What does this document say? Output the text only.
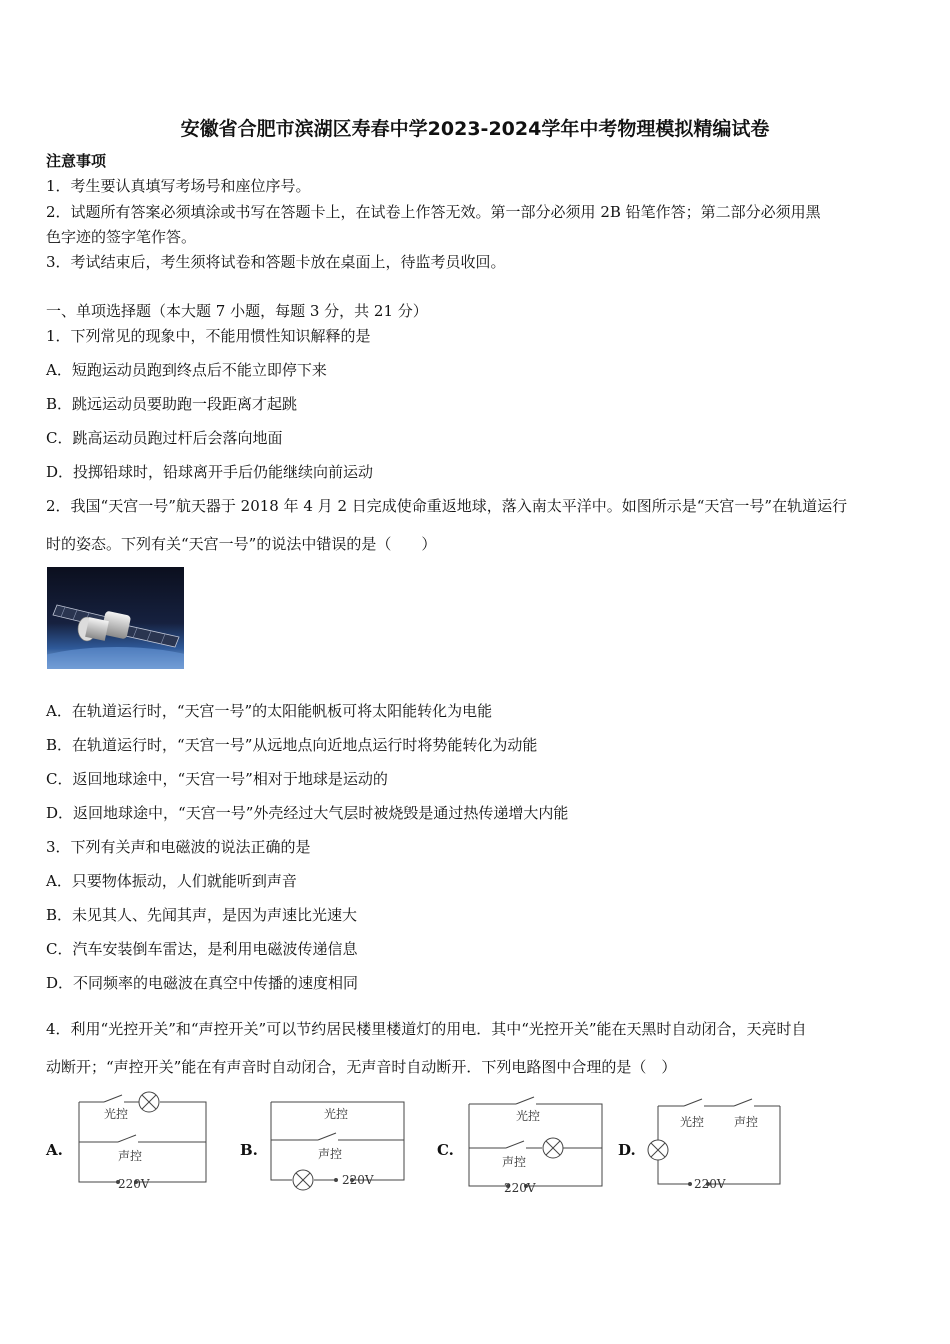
安徽省合肥市滨湖区寿春中学2023-2024学年中考物理模拟精编试卷
注意事项
1．考生要认真填写考场号和座位序号。
2．试题所有答案必须填涂或书写在答题卡上，在试卷上作答无效。第一部分必须用 2B 铅笔作答；第二部分必须用黑
色字迹的签字笔作答。
3．考试结束后，考生须将试卷和答题卡放在桌面上，待监考员收回。
一、单项选择题（本大题 7 小题，每题 3 分，共 21 分）
1．下列常见的现象中，不能用惯性知识解释的是
A．短跑运动员跑到终点后不能立即停下来
B．跳远运动员要助跑一段距离才起跳
C．跳高运动员跑过杆后会落向地面
D．投掷铅球时，铅球离开手后仍能继续向前运动
2．我国“天宫一号”航天器于 2018 年 4 月 2 日完成使命重返地球，落入南太平洋中。如图所示是“天宫一号”在轨道运行
时的姿态。下列有关“天宫一号”的说法中错误的是（　　）
A．在轨道运行时，“天宫一号”的太阳能帆板可将太阳能转化为电能
B．在轨道运行时，“天宫一号”从远地点向近地点运行时将势能转化为动能
C．返回地球途中，“天宫一号”相对于地球是运动的
D．返回地球途中，“天宫一号”外壳经过大气层时被烧毁是通过热传递增大内能
3．下列有关声和电磁波的说法正确的是
A．只要物体振动，人们就能听到声音
B．未见其人、先闻其声，是因为声速比光速大
C．汽车安装倒车雷达，是利用电磁波传递信息
D．不同频率的电磁波在真空中传播的速度相同
4．利用“光控开关”和“声控开关”可以节约居民楼里楼道灯的用电．其中“光控开关”能在天黑时自动闭合，天亮时自
动断开；“声控开关”能在有声音时自动闭合，无声音时自动断开．下列电路图中合理的是（　）
A.
光控
声控
220V
B.
光控
声控
220V
C.
光控
声控
220V
D.
光控 声控
220V
